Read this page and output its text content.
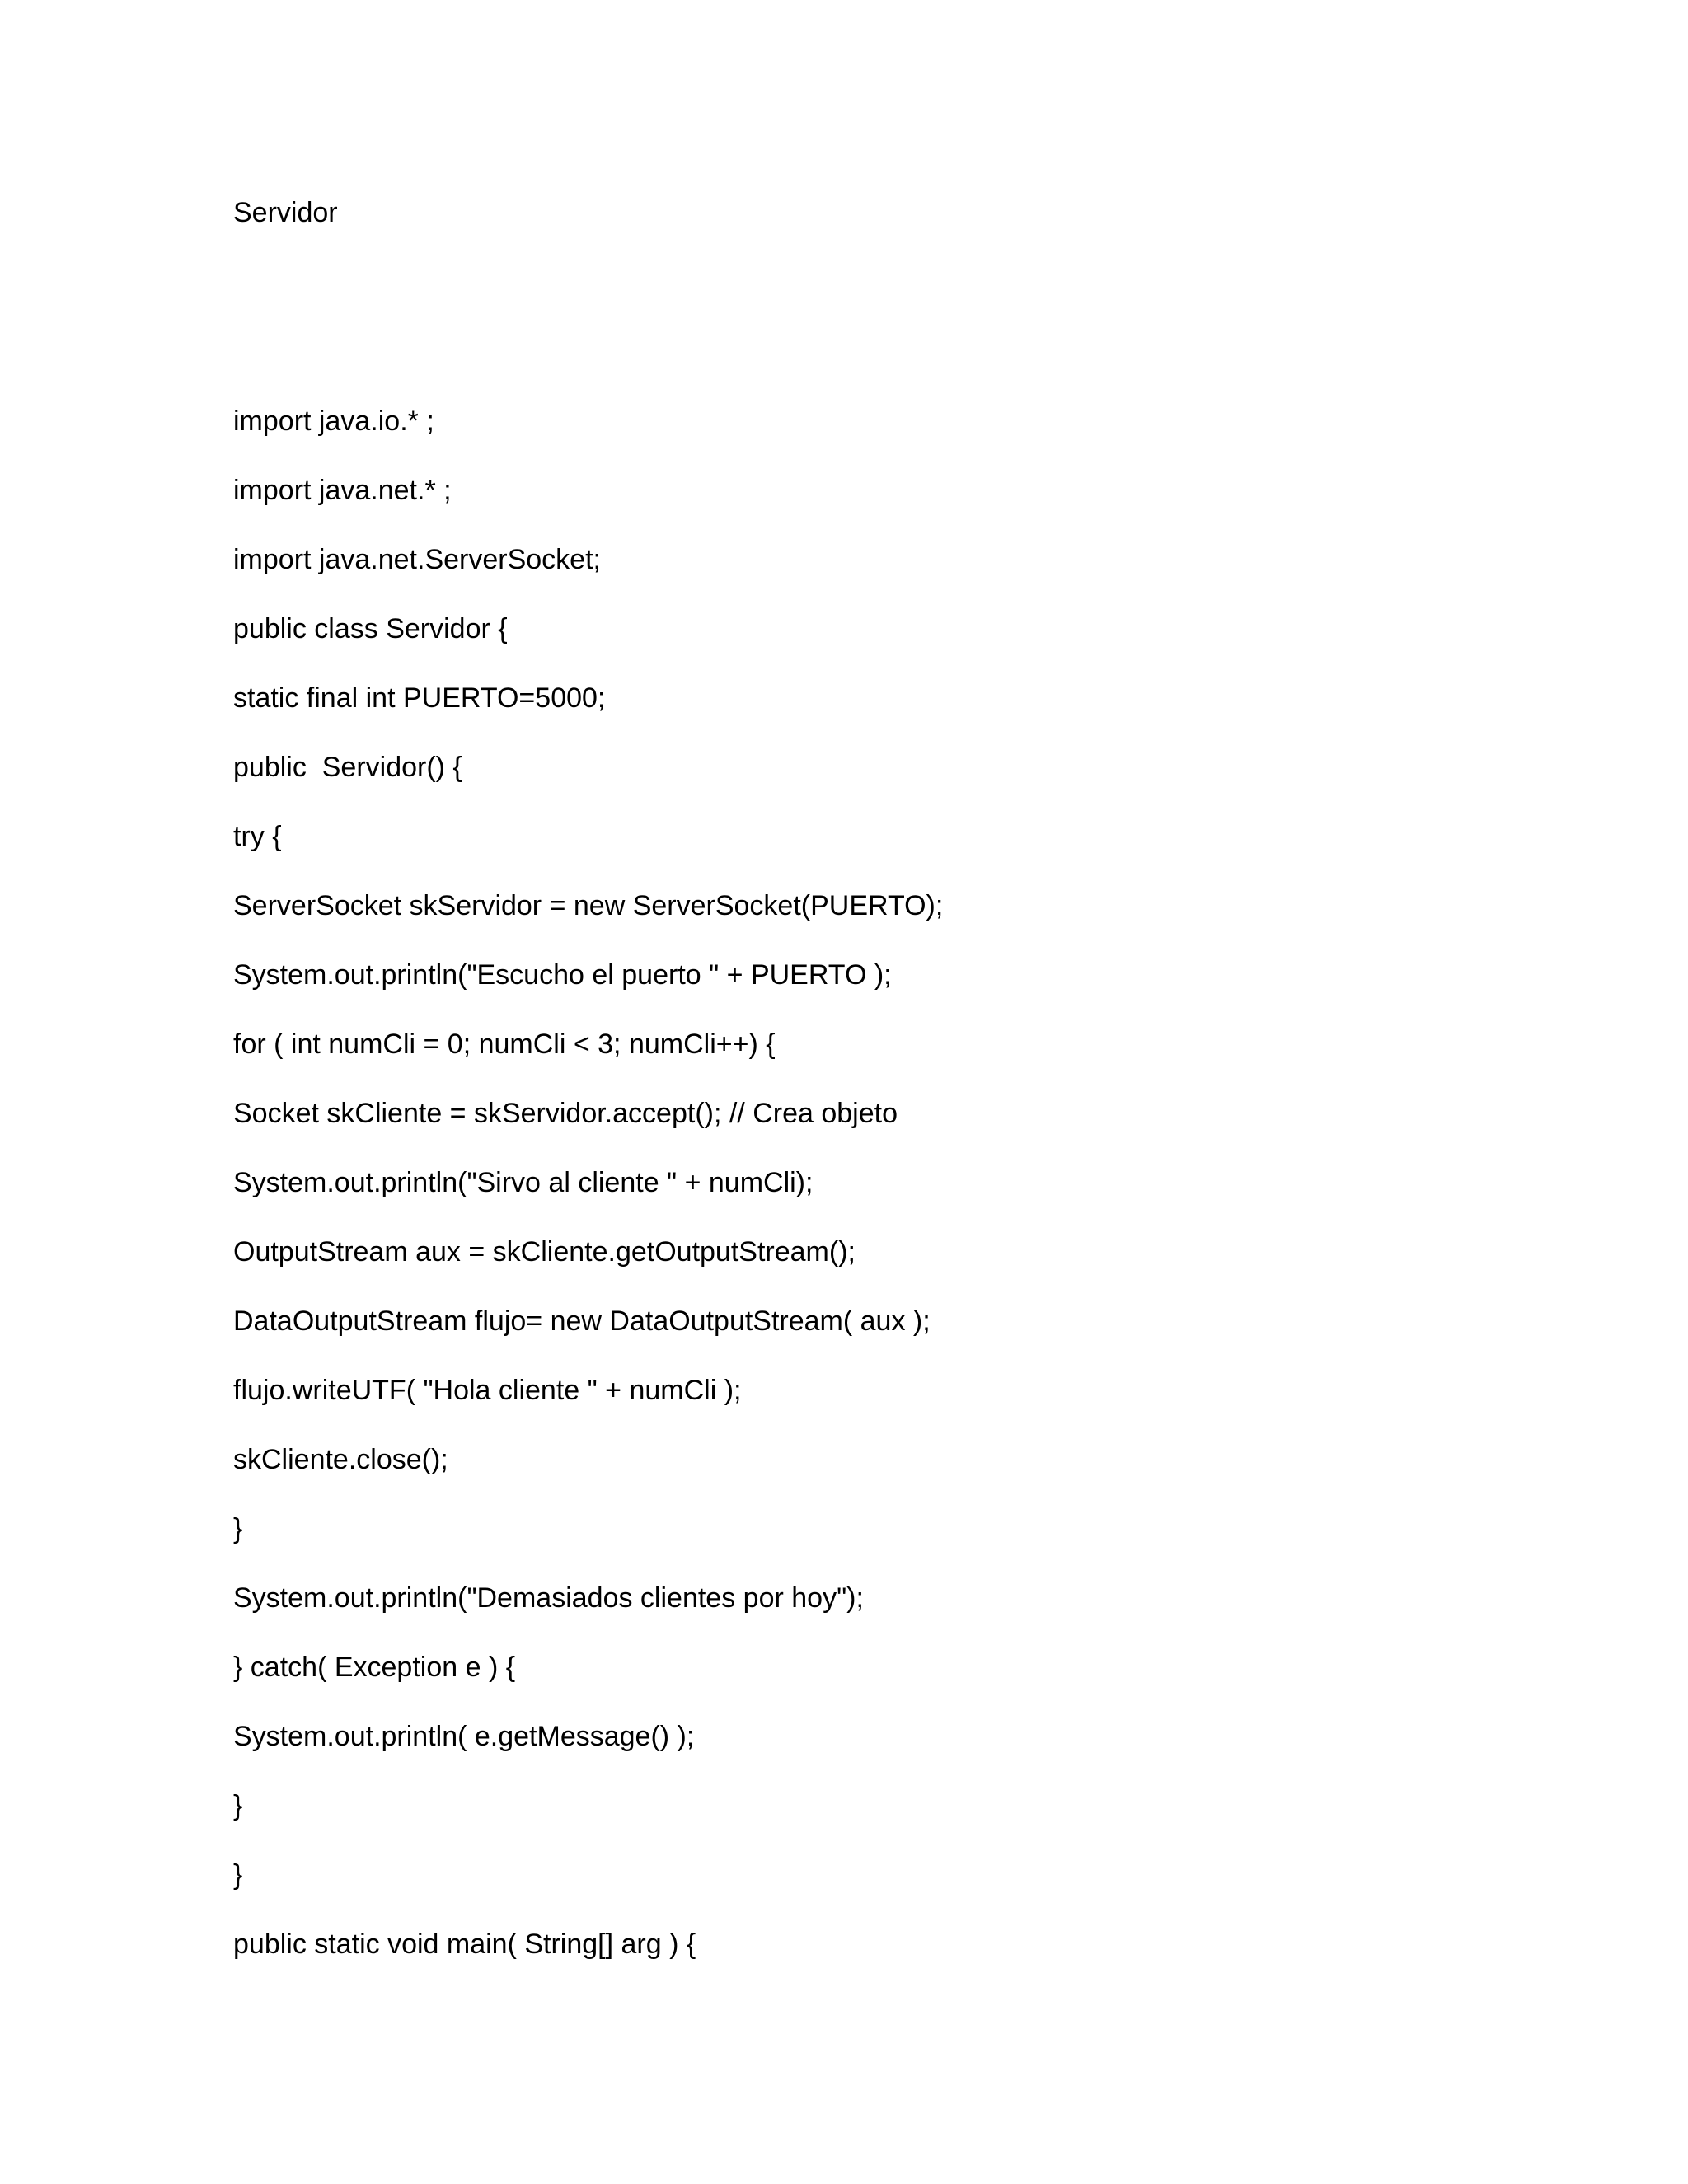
Servidor

import java.io.* ;

import java.net.* ;

import java.net.ServerSocket;

public class Servidor {

static final int PUERTO=5000;

public  Servidor() {

try {

ServerSocket skServidor = new ServerSocket(PUERTO);

System.out.println("Escucho el puerto " + PUERTO );

for ( int numCli = 0; numCli < 3; numCli++) {

Socket skCliente = skServidor.accept(); // Crea objeto

System.out.println("Sirvo al cliente " + numCli);

OutputStream aux = skCliente.getOutputStream();

DataOutputStream flujo= new DataOutputStream( aux );

flujo.writeUTF( "Hola cliente " + numCli );

skCliente.close();

}

System.out.println("Demasiados clientes por hoy");

} catch( Exception e ) {

System.out.println( e.getMessage() );

}

}

public static void main( String[] arg ) {
